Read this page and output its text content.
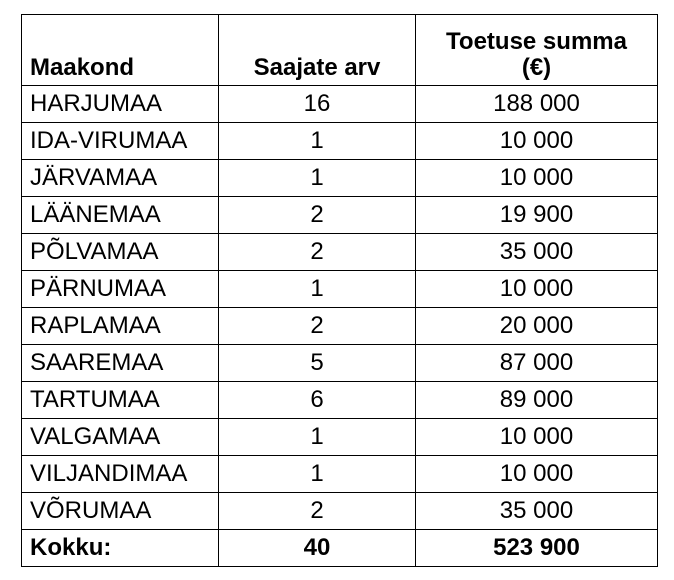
Maakond	Saajate arv	Toetuse summa
(€)

HARJUMAA	16	188 000
IDA-VIRUMAA	1	10 000
JÄRVAMAA	1	10 000
LÄÄNEMAA	2	19 900
PÕLVAMAA	2	35 000
PÄRNUMAA	1	10 000
RAPLAMAA	2	20 000
SAAREMAA	5	87 000
TARTUMAA	6	89 000
VALGAMAA	1	10 000
VILJANDIMAA	1	10 000
VÕRUMAA	2	35 000
Kokku:	40	523 900
